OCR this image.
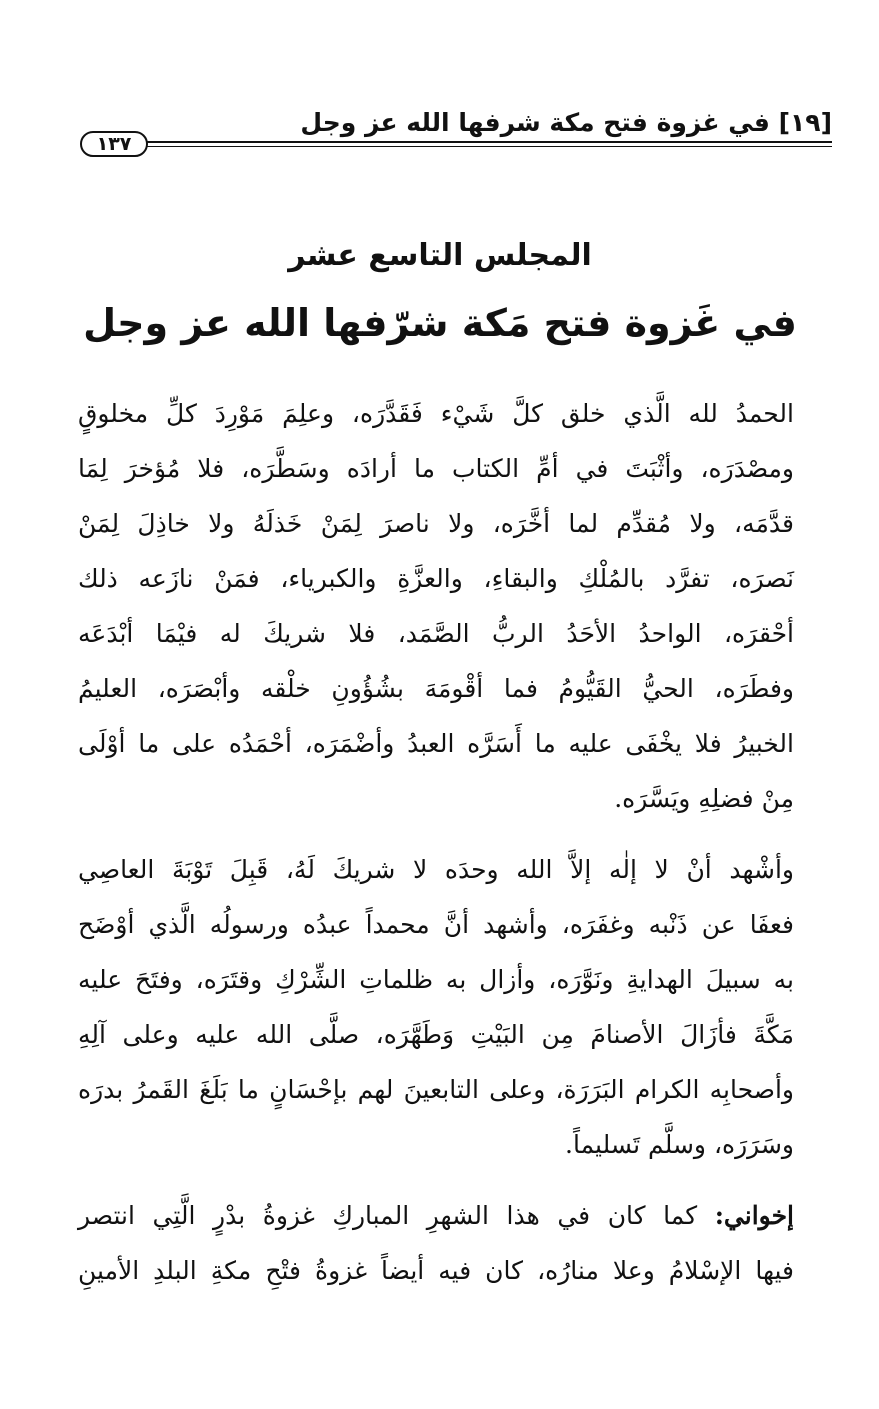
[١٩] في غزوة فتح مكة شرفها الله عز وجل
١٣٧
المجلس التاسع عشر
في غَزوة فتح مَكة شرّفها الله عز وجل
الحمدُ لله الَّذي خلق كلَّ شَيْء فَقَدَّرَه، وعلِمَ مَوْرِدَ كلِّ مخلوقٍ
ومصْدَرَه، وأثْبَتَ في أمِّ الكتاب ما أرادَه وسَطَّرَه، فلا مُؤخرَ لِمَا
قدَّمَه، ولا مُقدِّم لما أخَّرَه، ولا ناصرَ لِمَنْ خَذلَهُ ولا خاذِلَ لِمَنْ
نَصرَه، تفرَّد بالمُلْكِ والبقاءِ، والعزَّةِ والكبرياء، فمَنْ نازَعه ذلك
أحْقرَه، الواحدُ الأحَدُ الربُّ الصَّمَد، فلا شريكَ له فيْمَا أبْدَعَه
وفطَرَه، الحيُّ القَيُّومُ فما أقْومَهَ بشُؤُونِ خلْقه وأبْصَرَه، العليمُ
الخبيرُ فلا يخْفَى عليه ما أَسَرَّه العبدُ وأضْمَرَه، أحْمَدُه على ما أوْلَى
مِنْ فضلِهِ ويَسَّرَه.
وأشْهد أنْ لا إلٰه إلاَّ الله وحدَه لا شريكَ لَهُ، قَبِلَ تَوْبَةَ العاصِي
فعفَا عن ذَنْبه وغفَرَه، وأشهد أنَّ محمداً عبدُه ورسولُه الَّذي أوْضَح
به سبيلَ الهدايةِ ونَوَّرَه، وأزال به ظلماتِ الشِّرْكِ وقتَرَه، وفتَحَ عليه
مَكَّةَ فأزَالَ الأصنامَ مِن البَيْتِ وَطَهَّرَه، صلَّى الله عليه وعلى آلِهِ
وأصحابِه الكرام البَرَرَة، وعلى التابعينَ لهم بإحْسَانٍ ما بَلَغَ القَمرُ بدرَه
وسَرَرَه، وسلَّم تَسليماً.
إخواني: كما كان في هذا الشهرِ المباركِ غزوةُ بدْرٍ الَّتِي انتصر
فيها الإسْلامُ وعلا منارُه، كان فيه أيضاً غزوةُ فتْحِ مكةِ البلدِ الأمينِ
